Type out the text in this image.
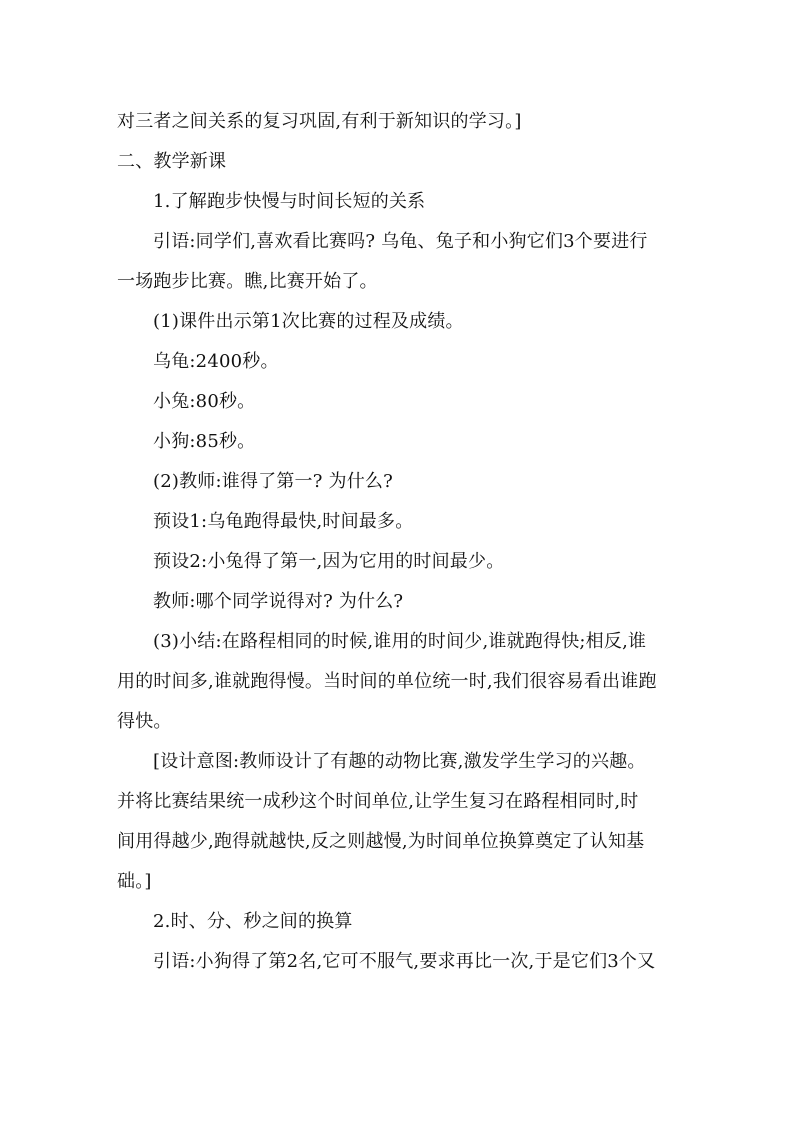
对三者之间关系的复习巩固,有利于新知识的学习。]
二、教学新课
1.了解跑步快慢与时间长短的关系
引语:同学们,喜欢看比赛吗? 乌龟、兔子和小狗它们3个要进行
一场跑步比赛。瞧,比赛开始了。
(1)课件出示第1次比赛的过程及成绩。
乌龟:2400秒。
小兔:80秒。
小狗:85秒。
(2)教师:谁得了第一? 为什么?
预设1:乌龟跑得最快,时间最多。
预设2:小兔得了第一,因为它用的时间最少。
教师:哪个同学说得对? 为什么?
(3)小结:在路程相同的时候,谁用的时间少,谁就跑得快;相反,谁
用的时间多,谁就跑得慢。当时间的单位统一时,我们很容易看出谁跑
得快。
[设计意图:教师设计了有趣的动物比赛,激发学生学习的兴趣。
并将比赛结果统一成秒这个时间单位,让学生复习在路程相同时,时
间用得越少,跑得就越快,反之则越慢,为时间单位换算奠定了认知基
础。]
2.时、分、秒之间的换算
引语:小狗得了第2名,它可不服气,要求再比一次,于是它们3个又
